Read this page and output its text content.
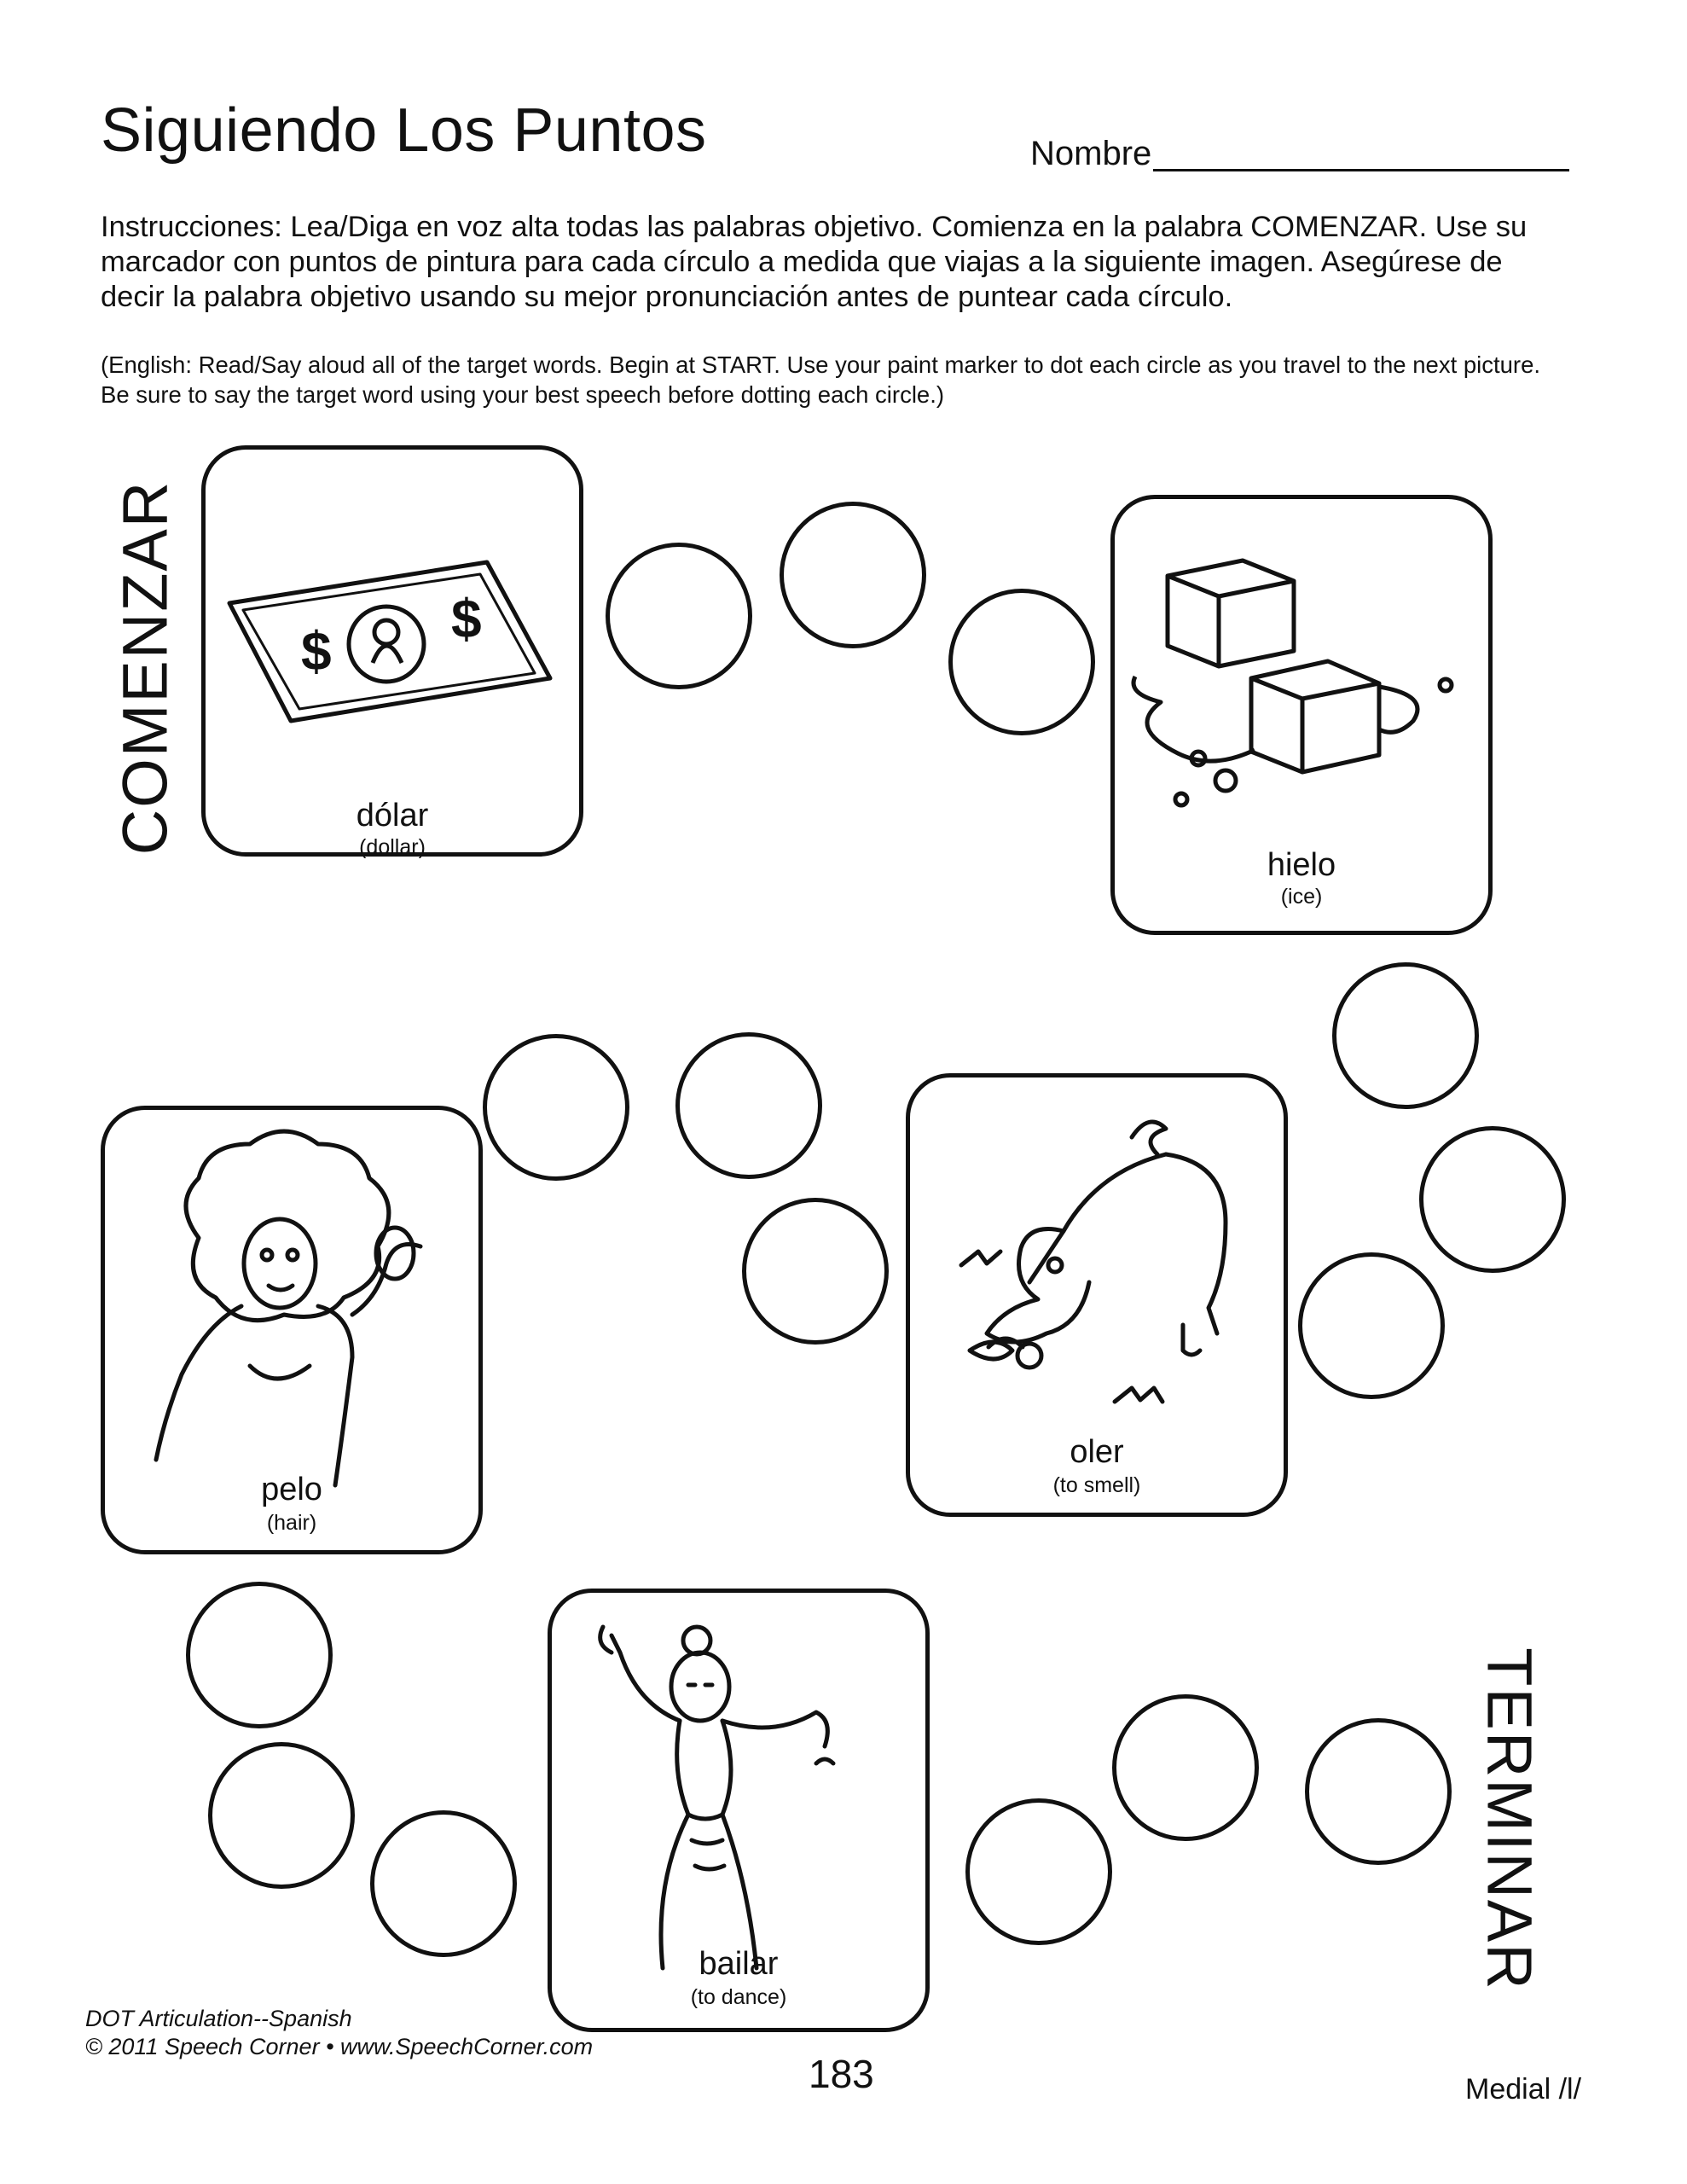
Siguiendo Los Puntos	Nombre
Instrucciones: Lea/Diga en voz alta todas las palabras objetivo. Comienza en la palabra COMENZAR. Use su marcador con puntos de pintura para cada círculo a medida que viajas a la siguiente imagen. Asegúrese de decir la palabra objetivo usando su mejor pronunciación antes de puntear cada círculo.
(English: Read/Say aloud all of the target words. Begin at START. Use your paint marker to dot each circle as you travel to the next picture. Be sure to say the target word using your best speech before dotting each circle.)
COMENZAR
TERMINAR
$
$
dólar
(dollar)	hielo
(ice)
pelo
(hair)
oler
(to smell)
bailar
(to dance)
DOT Articulation--Spanish
© 2011 Speech Corner • www.SpeechCorner.com
183	Medial /l/
